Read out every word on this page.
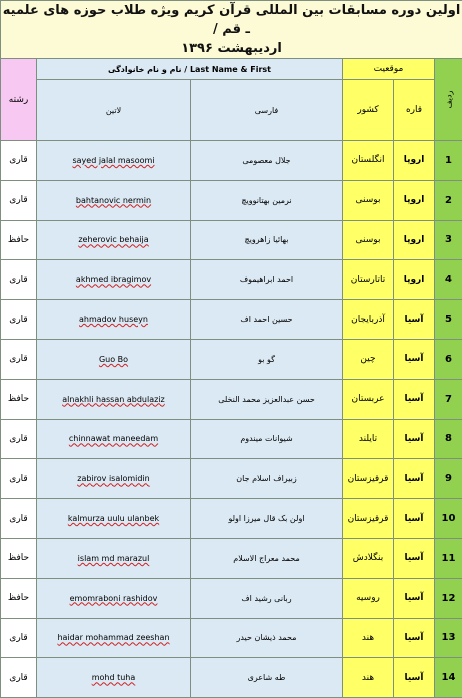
اولین دوره مسابقات بین المللی قرآن کریم ویژه طلاب حوزه های علمیه ـ قم /
اردیبهشت ۱۳۹۶					

رشته	نام و نام خانوادگی / Last Name & First		موقعیت		ردیف
	لاتین	فارسی	کشور	قاره	
قاری	sayed jalal masoomi	جلال معصومی	انگلستان	اروپا	1
قاری	bahtanovic nermin	نرمین بهتانوویچ	بوسنی	اروپا	2
حافظ	zeherovic behaija	بهائیا زاهرویچ	بوسنی	اروپا	3
قاری	akhmed ibragimov	احمد ابراهیموف	تاتارستان	اروپا	4
قاری	ahmadov huseyn	حسین احمد اف	آذربایجان	آسیا	5
قاری	Guo Bo	گو بو	چین	آسیا	6
حافظ	alnakhli hassan abdulaziz	حسن عبدالعزیز محمد النخلی	عربستان	آسیا	7
قاری	chinnawat maneedam	شیوانات میندوم	تایلند	آسیا	8
قاری	zabirov isalomidin	زبیراف اسلام جان	قرقیزستان	آسیا	9
قاری	kalmurza uulu ulanbek	اولن بک قال میرزا اولو	قرقیزستان	آسیا	10
حافظ	islam md marazul	محمد معراج الاسلام	بنگلادش	آسیا	11
حافظ	emomraboni rashidov	ربانی رشید اف	روسیه	آسیا	12
قاری	haidar mohammad zeeshan	محمد ذیشان حیدر	هند	آسیا	13
قاری	mohd tuha	طه شاعری	هند	آسیا	14
